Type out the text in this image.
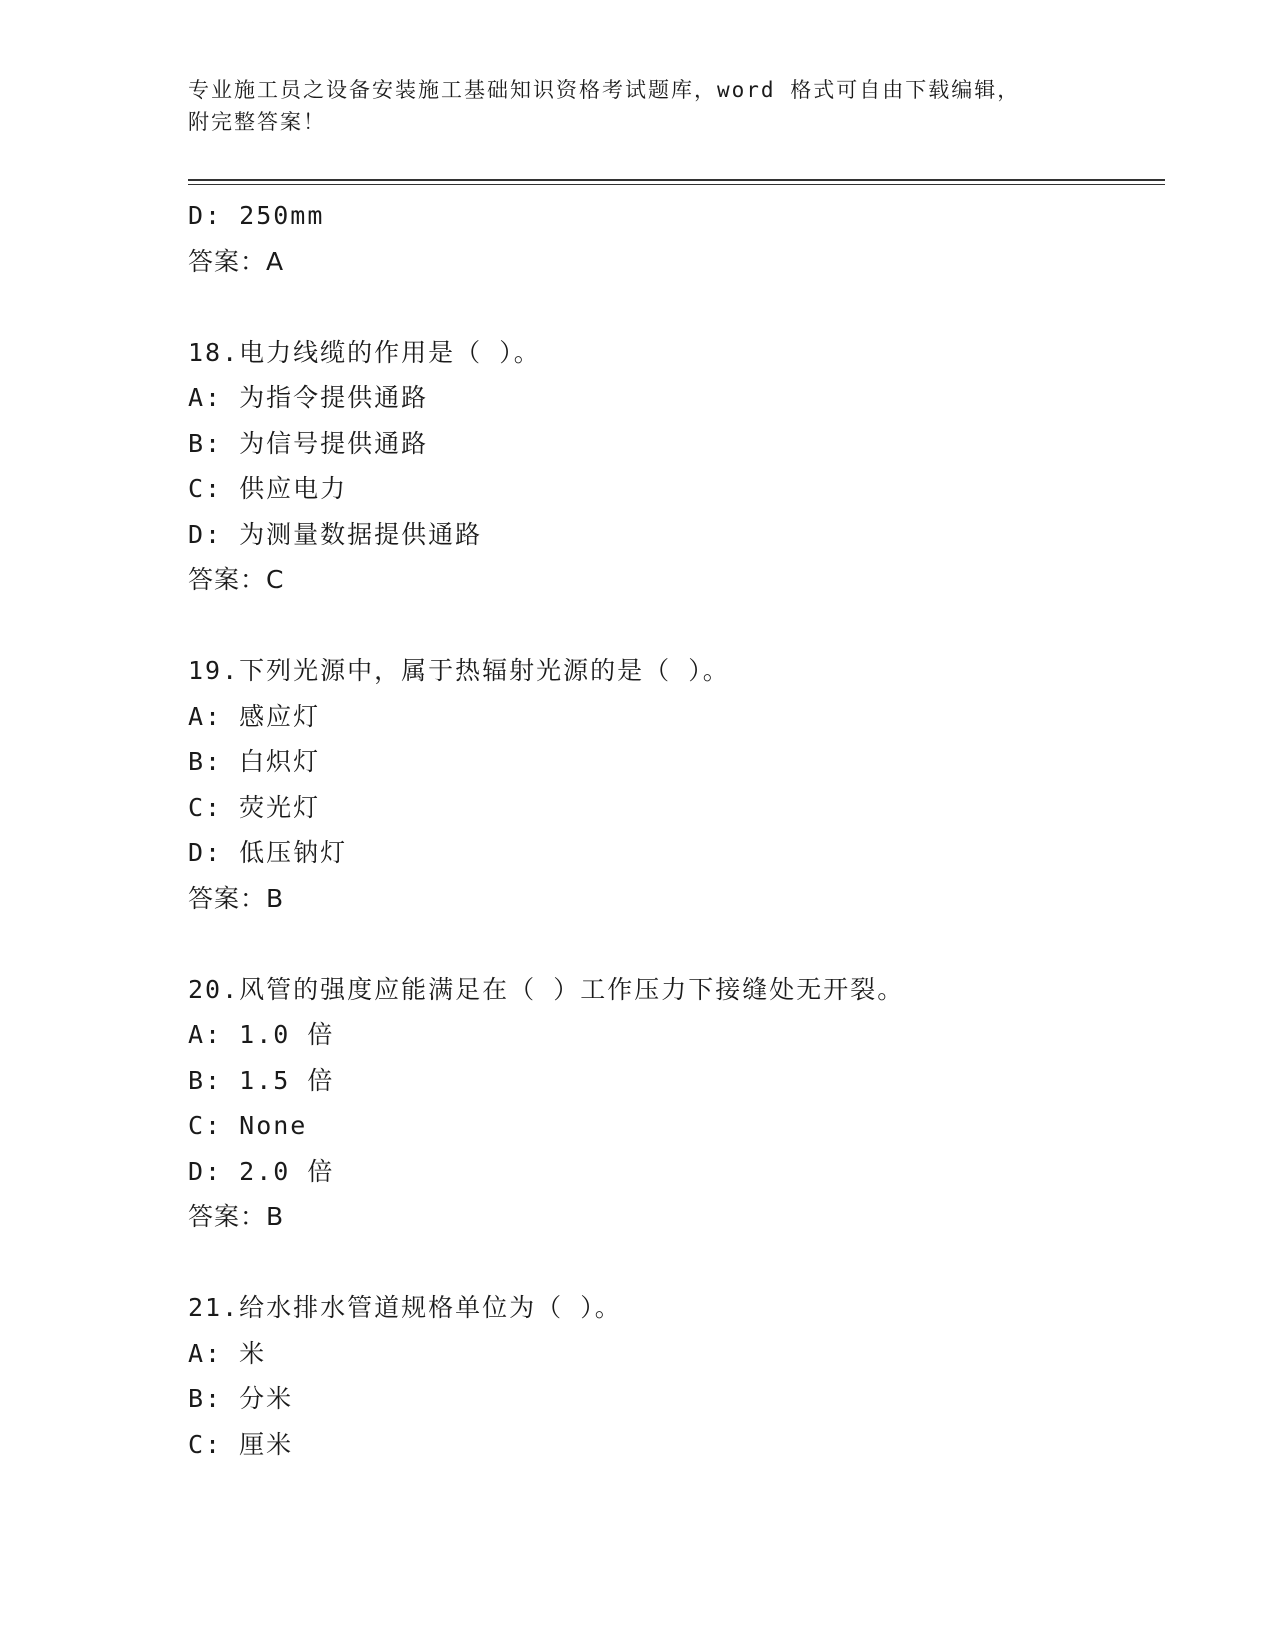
专业施工员之设备安装施工基础知识资格考试题库，word 格式可自由下载编辑，
附完整答案！
D: 250mm
答案：A
18.电力线缆的作用是（ ）。
A: 为指令提供通路
B: 为信号提供通路
C: 供应电力
D: 为测量数据提供通路
答案：C
19.下列光源中，属于热辐射光源的是（ ）。
A: 感应灯
B: 白炽灯
C: 荧光灯
D: 低压钠灯
答案：B
20.风管的强度应能满足在（ ）工作压力下接缝处无开裂。
A: 1.0 倍
B: 1.5 倍
C: None
D: 2.0 倍
答案：B
21.给水排水管道规格单位为（ ）。
A: 米
B: 分米
C: 厘米
